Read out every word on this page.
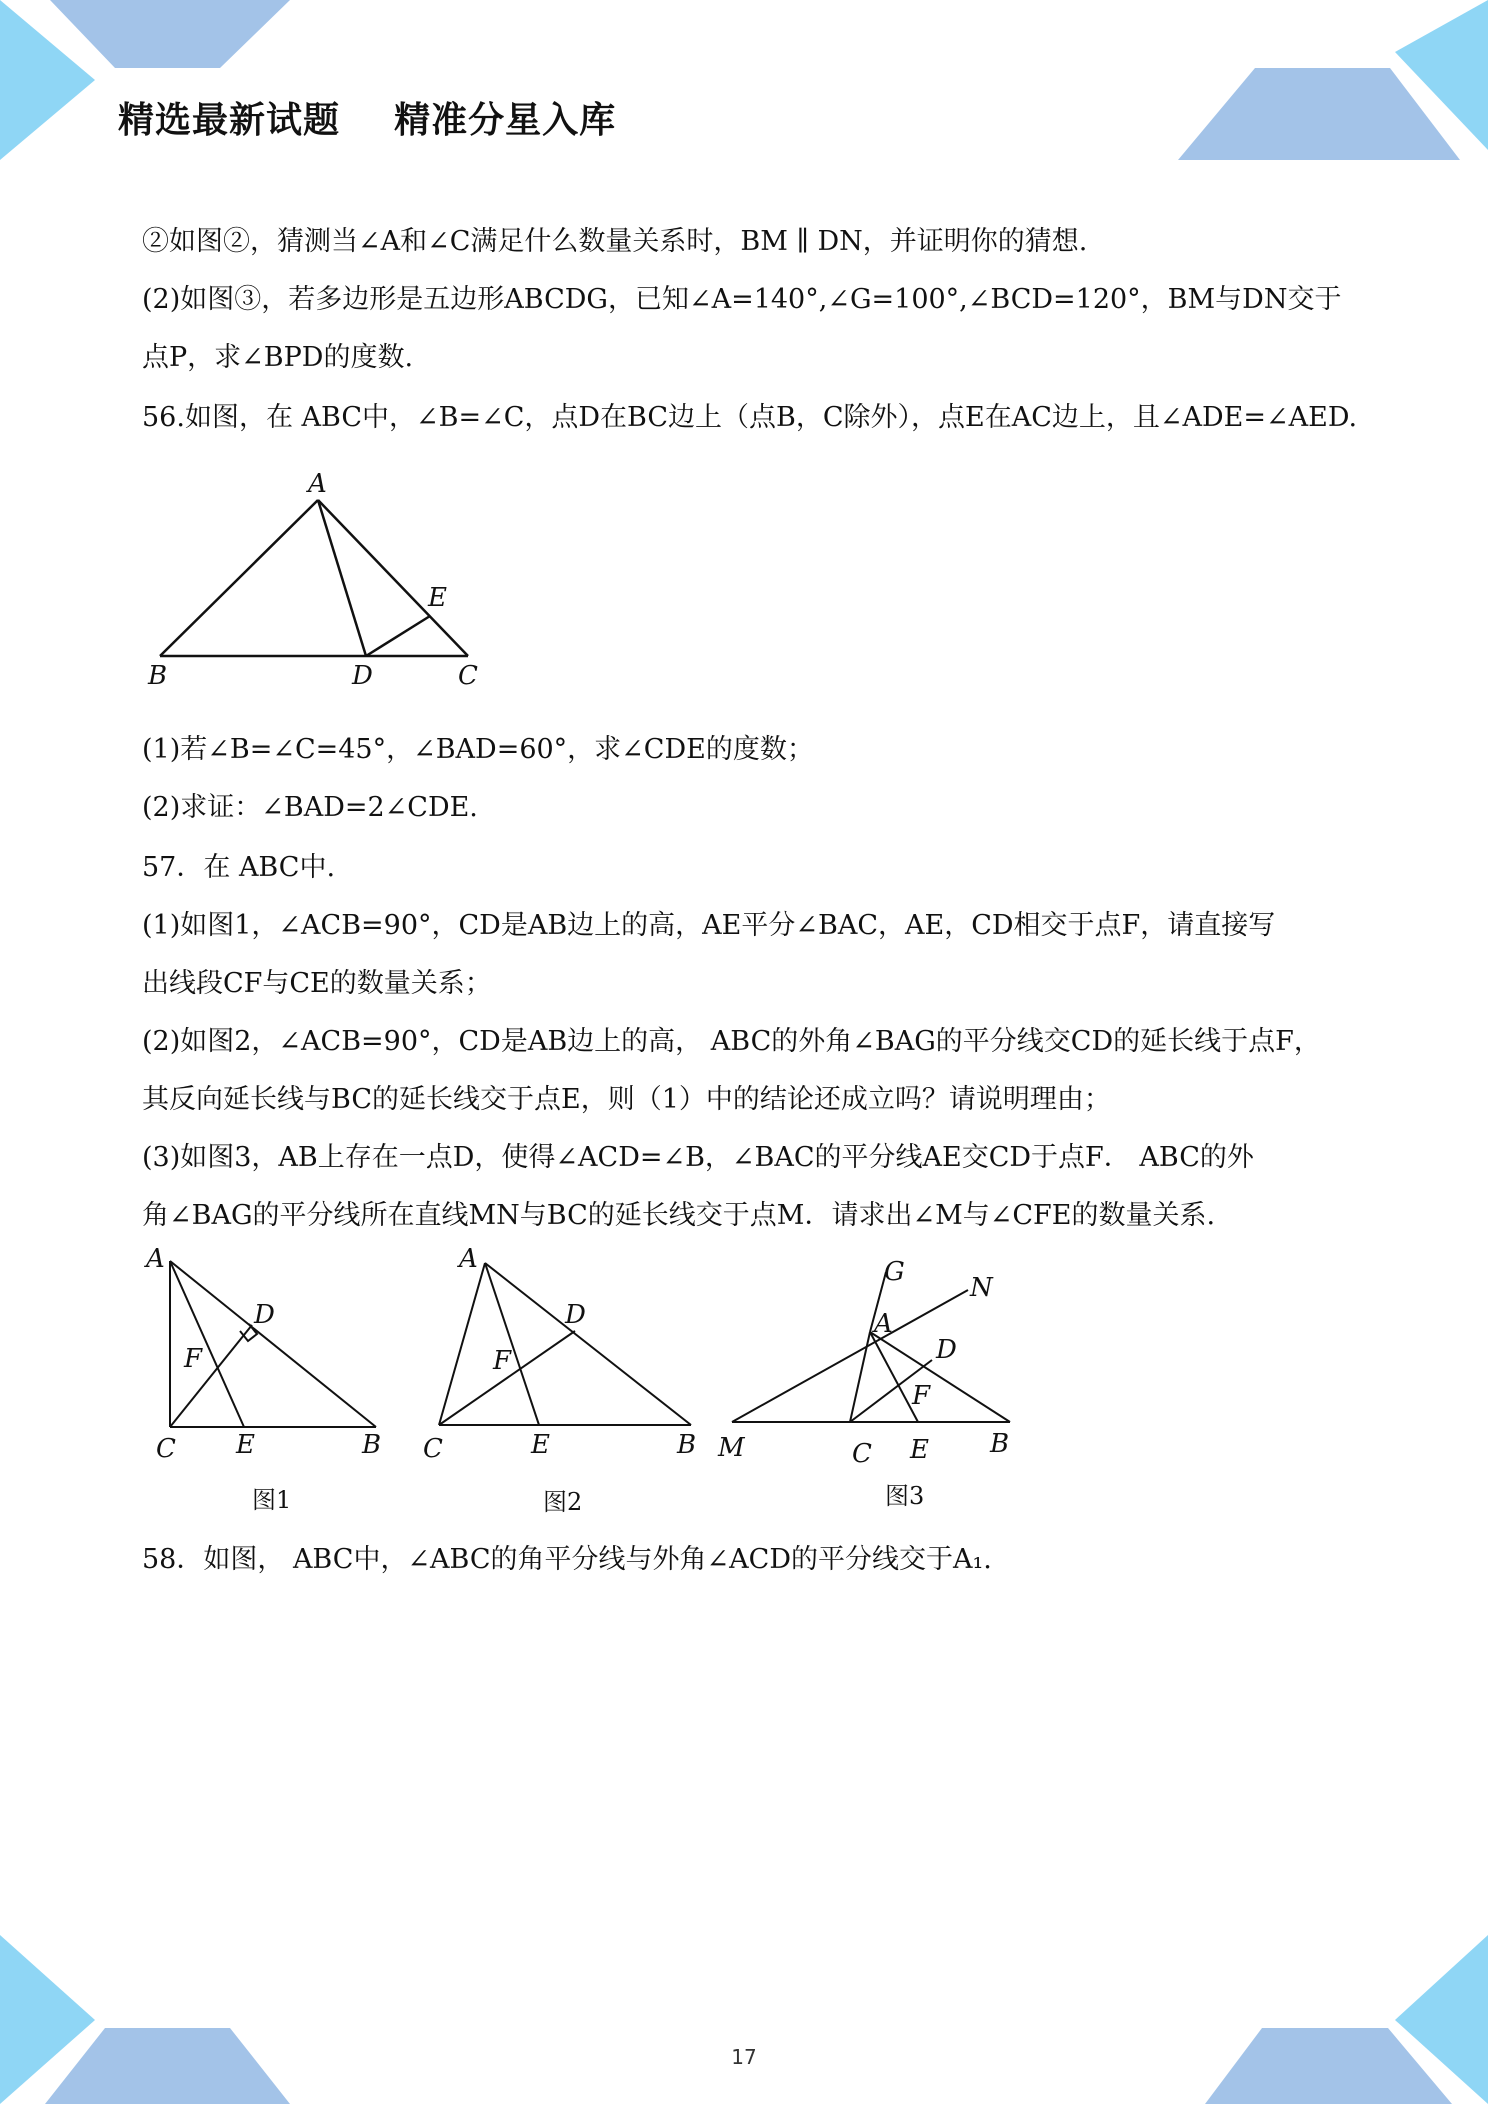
精选最新试题    精准分星入库
②如图②，猜测当∠A和∠C满足什么数量关系时，BM ∥ DN，并证明你的猜想.
(2)如图③，若多边形是五边形ABCDG，已知∠A=140°,∠G=100°,∠BCD=120°，BM与DN交于
点P，求∠BPD的度数.
56.如图，在 ABC中，∠B=∠C，点D在BC边上（点B，C除外），点E在AC边上，且∠ADE=∠AED.
A
B	C
D
E
(1)若∠B=∠C=45°，∠BAD=60°，求∠CDE的度数；
(2)求证：∠BAD=2∠CDE.
57．在 ABC中.
(1)如图1，∠ACB=90°，CD是AB边上的高，AE平分∠BAC，AE，CD相交于点F，请直接写
出线段CF与CE的数量关系；
(2)如图2，∠ACB=90°，CD是AB边上的高， ABC的外角∠BAG的平分线交CD的延长线于点F，
其反向延长线与BC的延长线交于点E，则（1）中的结论还成立吗？请说明理由；
(3)如图3，AB上存在一点D，使得∠ACD=∠B，∠BAC的平分线AE交CD于点F． ABC的外
角∠BAG的平分线所在直线MN与BC的延长线交于点M．请求出∠M与∠CFE的数量关系.
A
D
F
C E	B
图1
A
D
F
C	E	B
图2
G
N
A
D
F
M	C E B
图3
58．如图， ABC中，∠ABC的角平分线与外角∠ACD的平分线交于A₁.
17
